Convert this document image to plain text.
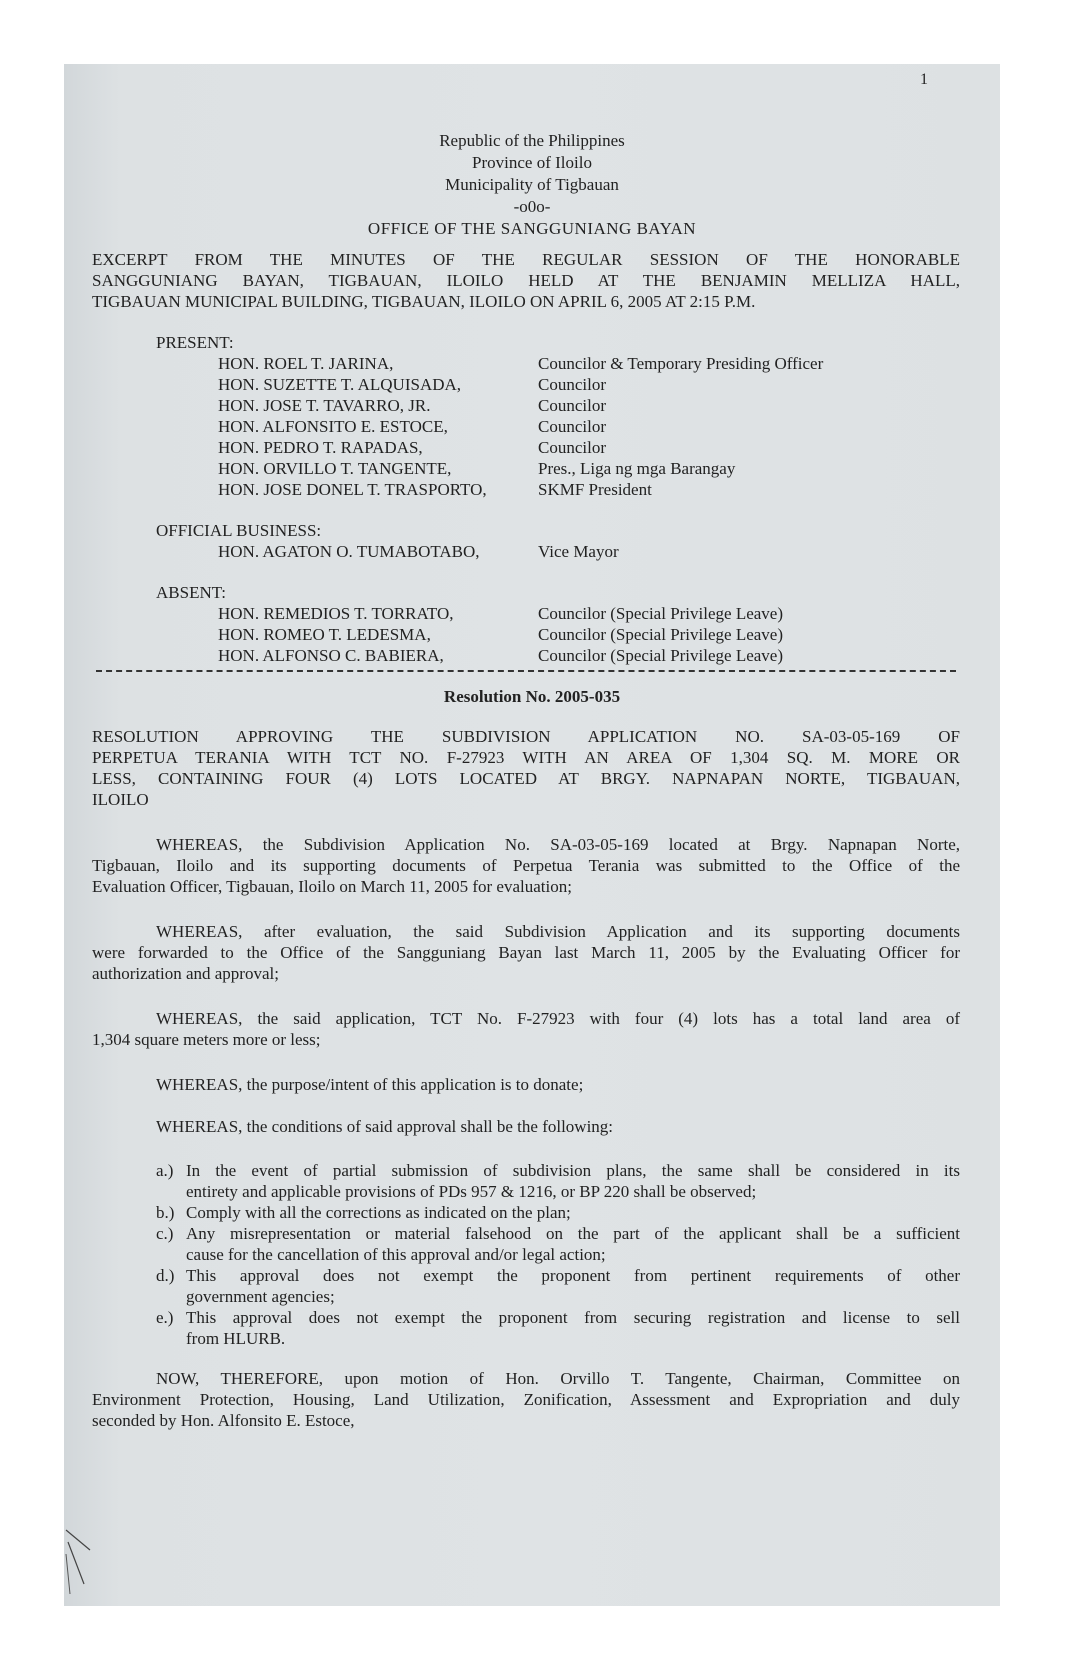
1
Republic of the Philippines
Province of Iloilo
Municipality of Tigbauan
-o0o-
OFFICE OF THE SANGGUNIANG BAYAN
EXCERPT FROM THE MINUTES OF THE REGULAR SESSION OF THE HONORABLE
SANGGUNIANG BAYAN, TIGBAUAN, ILOILO HELD AT THE BENJAMIN MELLIZA HALL,
TIGBAUAN MUNICIPAL BUILDING, TIGBAUAN, ILOILO ON APRIL 6, 2005 AT 2:15 P.M.
PRESENT:
HON. ROEL T. JARINA,	Councilor & Temporary Presiding Officer
HON. SUZETTE T. ALQUISADA,	Councilor
HON. JOSE T. TAVARRO, JR.	Councilor
HON. ALFONSITO E. ESTOCE,	Councilor
HON. PEDRO T. RAPADAS,	Councilor
HON. ORVILLO T. TANGENTE,	Pres., Liga ng mga Barangay
HON. JOSE DONEL T. TRASPORTO,	SKMF President
OFFICIAL BUSINESS:
HON. AGATON O. TUMABOTABO,	Vice Mayor
ABSENT:
HON. REMEDIOS T. TORRATO,	Councilor (Special Privilege Leave)
HON. ROMEO T. LEDESMA,	Councilor (Special Privilege Leave)
HON. ALFONSO C. BABIERA,	Councilor (Special Privilege Leave)
Resolution No. 2005-035
RESOLUTION APPROVING THE SUBDIVISION APPLICATION NO. SA-03-05-169 OF
PERPETUA TERANIA WITH TCT NO. F-27923 WITH AN AREA OF 1,304 SQ. M. MORE OR
LESS, CONTAINING FOUR (4) LOTS LOCATED AT BRGY. NAPNAPAN NORTE, TIGBAUAN,
ILOILO
WHEREAS, the Subdivision Application No. SA-03-05-169 located at Brgy. Napnapan Norte,
Tigbauan, Iloilo and its supporting documents of Perpetua Terania was submitted to the Office of the
Evaluation Officer, Tigbauan, Iloilo on March 11, 2005 for evaluation;
WHEREAS, after evaluation, the said Subdivision Application and its supporting documents
were forwarded to the Office of the Sangguniang Bayan last March 11, 2005 by the Evaluating Officer for
authorization and approval;
WHEREAS, the said application, TCT No. F-27923 with four (4) lots has a total land area of
1,304 square meters more or less;
WHEREAS, the purpose/intent of this application is to donate;
WHEREAS, the conditions of said approval shall be the following:
a.) In the event of partial submission of subdivision plans, the same shall be considered in its
entirety and applicable provisions of PDs 957 & 1216, or BP 220 shall be observed;
b.) Comply with all the corrections as indicated on the plan;
c.) Any misrepresentation or material falsehood on the part of the applicant shall be a sufficient
cause for the cancellation of this approval and/or legal action;
d.) This approval does not exempt the proponent from pertinent requirements of other
government agencies;
e.) This approval does not exempt the proponent from securing registration and license to sell
from HLURB.
NOW, THEREFORE, upon motion of Hon. Orvillo T. Tangente, Chairman, Committee on
Environment Protection, Housing, Land Utilization, Zonification, Assessment and Expropriation and duly
seconded by Hon. Alfonsito E. Estoce,
